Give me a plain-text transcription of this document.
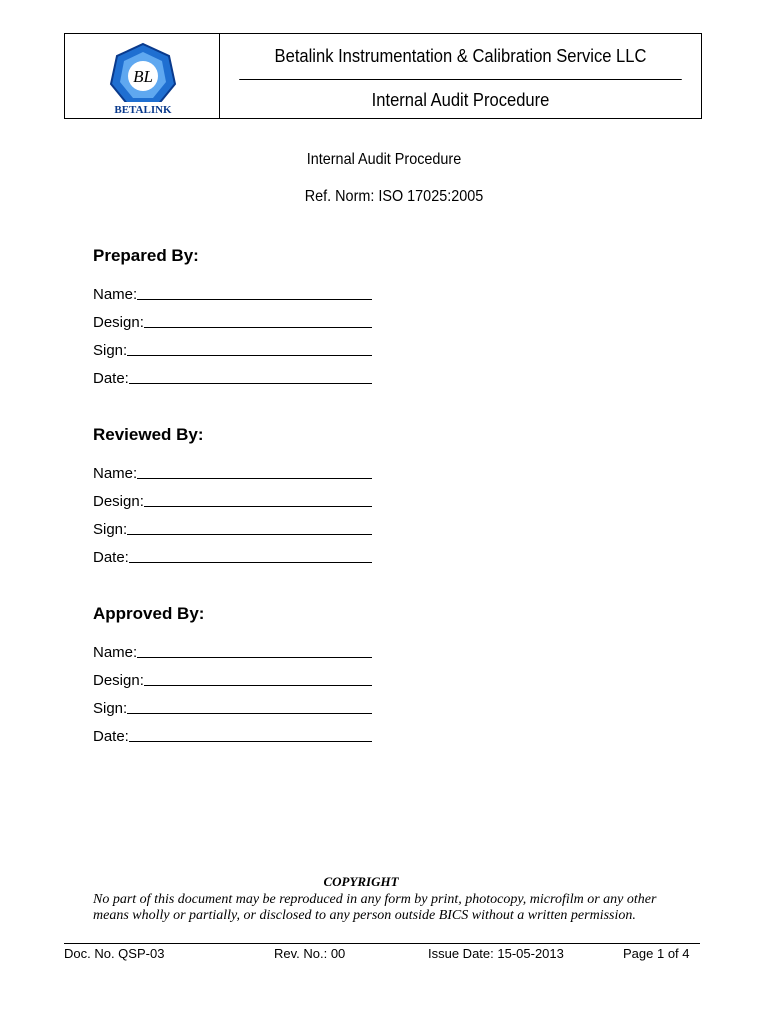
BL
BETALINK
Betalink Instrumentation & Calibration Service LLC
Internal Audit Procedure
Internal Audit Procedure
Ref. Norm: ISO 17025:2005
Prepared By:
Name:
Design:
Sign:
Date:
Reviewed By:
Name:
Design:
Sign:
Date:
Approved By:
Name:
Design:
Sign:
Date:
COPYRIGHT
No part of this document may be reproduced in any form by print, photocopy, microfilm or any other means wholly or partially, or disclosed to any person outside BICS without a written permission.
Doc. No. QSP-03	Rev. No.: 00	Issue Date: 15-05-2013	Page 1 of 4
